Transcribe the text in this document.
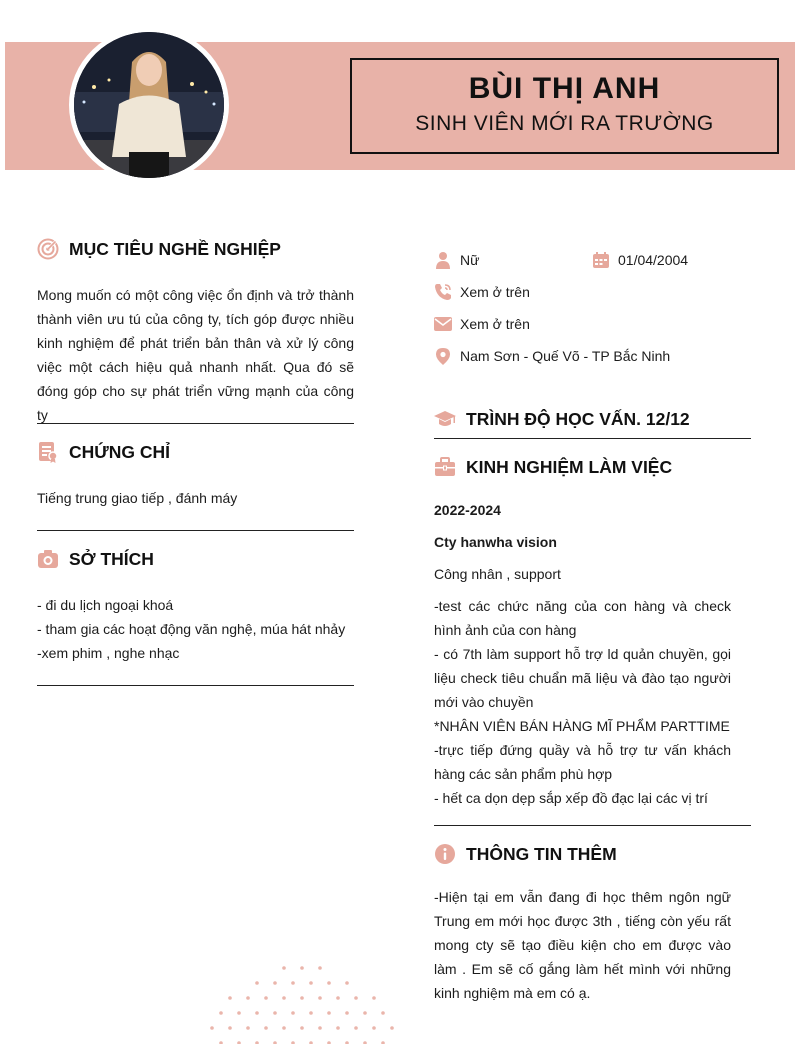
BÙI THỊ ANH
SINH VIÊN MỚI RA TRƯỜNG
MỤC TIÊU NGHỀ NGHIỆP
Mong muốn có một công việc ổn định và trở thành thành viên ưu tú của công ty, tích góp được nhiều kinh nghiệm để phát triển bản thân và xử lý công việc một cách hiệu quả nhanh nhất. Qua đó sẽ đóng góp cho sự phát triển vững mạnh của công ty
CHỨNG CHỈ
Tiếng trung giao tiếp , đánh máy
SỞ THÍCH
- đi du lịch ngoại khoá
- tham gia các hoạt động văn nghệ, múa hát nhảy
-xem phim , nghe nhạc
Nữ	01/04/2004
Xem ở trên
Xem ở trên
Nam Sơn - Quế Võ - TP Bắc Ninh
TRÌNH ĐỘ HỌC VẤN. 12/12
KINH NGHIỆM LÀM VIỆC
2022-2024
Cty hanwha vision
Công nhân , support
-test các chức năng của con hàng và check hình ảnh của con hàng
- có 7th làm support hỗ trợ ld quản chuyền, gọi liệu check tiêu chuẩn mã liệu và đào tạo người mới vào chuyền
*NHÂN VIÊN BÁN HÀNG MĨ PHẨM PARTTIME
-trực tiếp đứng quầy và hỗ trợ tư vấn khách hàng các sản phẩm phù hợp
- hết ca dọn dẹp sắp xếp đồ đạc lại các vị trí
THÔNG TIN THÊM
-Hiện tại em vẫn đang đi học thêm ngôn ngữ Trung em mới học được 3th , tiếng còn yếu rất mong cty sẽ tạo điều kiện cho em được vào làm . Em sẽ cố gắng làm hết mình với những kinh nghiệm mà em có ạ.
